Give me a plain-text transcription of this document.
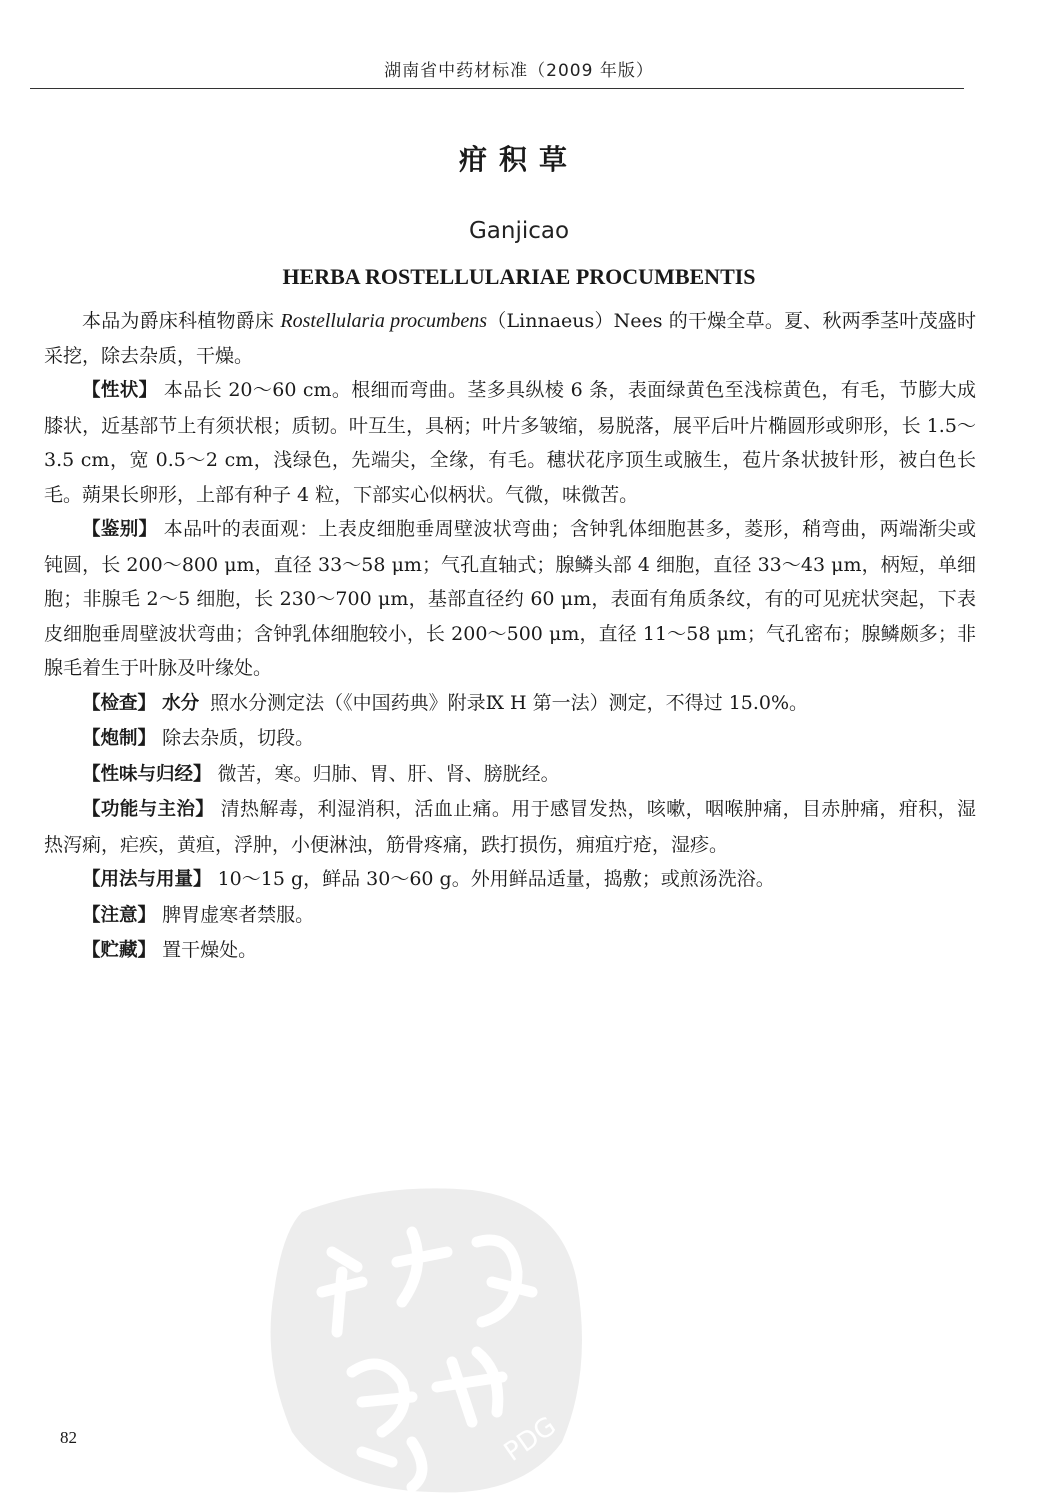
湖南省中药材标准（2009 年版）
疳积草
Ganjicao
HERBA ROSTELLULARIAE PROCUMBENTIS

本品为爵床科植物爵床 Rostellularia procumbens（Linnaeus）Nees 的干燥全草。夏、秋两季茎叶茂盛时采挖，除去杂质，干燥。

【性状】 本品长 20～60 cm。根细而弯曲。茎多具纵棱 6 条，表面绿黄色至浅棕黄色，有毛，节膨大成膝状，近基部节上有须状根；质韧。叶互生，具柄；叶片多皱缩，易脱落，展平后叶片椭圆形或卵形，长 1.5～3.5 cm，宽 0.5～2 cm，浅绿色，先端尖，全缘，有毛。穗状花序顶生或腋生，苞片条状披针形，被白色长毛。蒴果长卵形，上部有种子 4 粒，下部实心似柄状。气微，味微苦。

【鉴别】 本品叶的表面观：上表皮细胞垂周壁波状弯曲；含钟乳体细胞甚多，菱形，稍弯曲，两端渐尖或钝圆，长 200～800 μm，直径 33～58 μm；气孔直轴式；腺鳞头部 4 细胞，直径 33～43 μm，柄短，单细胞；非腺毛 2～5 细胞，长 230～700 μm，基部直径约 60 μm，表面有角质条纹，有的可见疣状突起，下表皮细胞垂周壁波状弯曲；含钟乳体细胞较小，长 200～500 μm，直径 11～58 μm；气孔密布；腺鳞颇多；非腺毛着生于叶脉及叶缘处。

【检查】 水分 照水分测定法（《中国药典》附录Ⅸ H 第一法）测定，不得过 15.0%。

【炮制】 除去杂质，切段。

【性味与归经】 微苦，寒。归肺、胃、肝、肾、膀胱经。

【功能与主治】 清热解毒，利湿消积，活血止痛。用于感冒发热，咳嗽，咽喉肿痛，目赤肿痛，疳积，湿热泻痢，疟疾，黄疸，浮肿，小便淋浊，筋骨疼痛，跌打损伤，痈疽疔疮，湿疹。

【用法与用量】 10～15 g，鲜品 30～60 g。外用鲜品适量，捣敷；或煎汤洗浴。

【注意】 脾胃虚寒者禁服。

【贮藏】 置干燥处。

82	PDG
